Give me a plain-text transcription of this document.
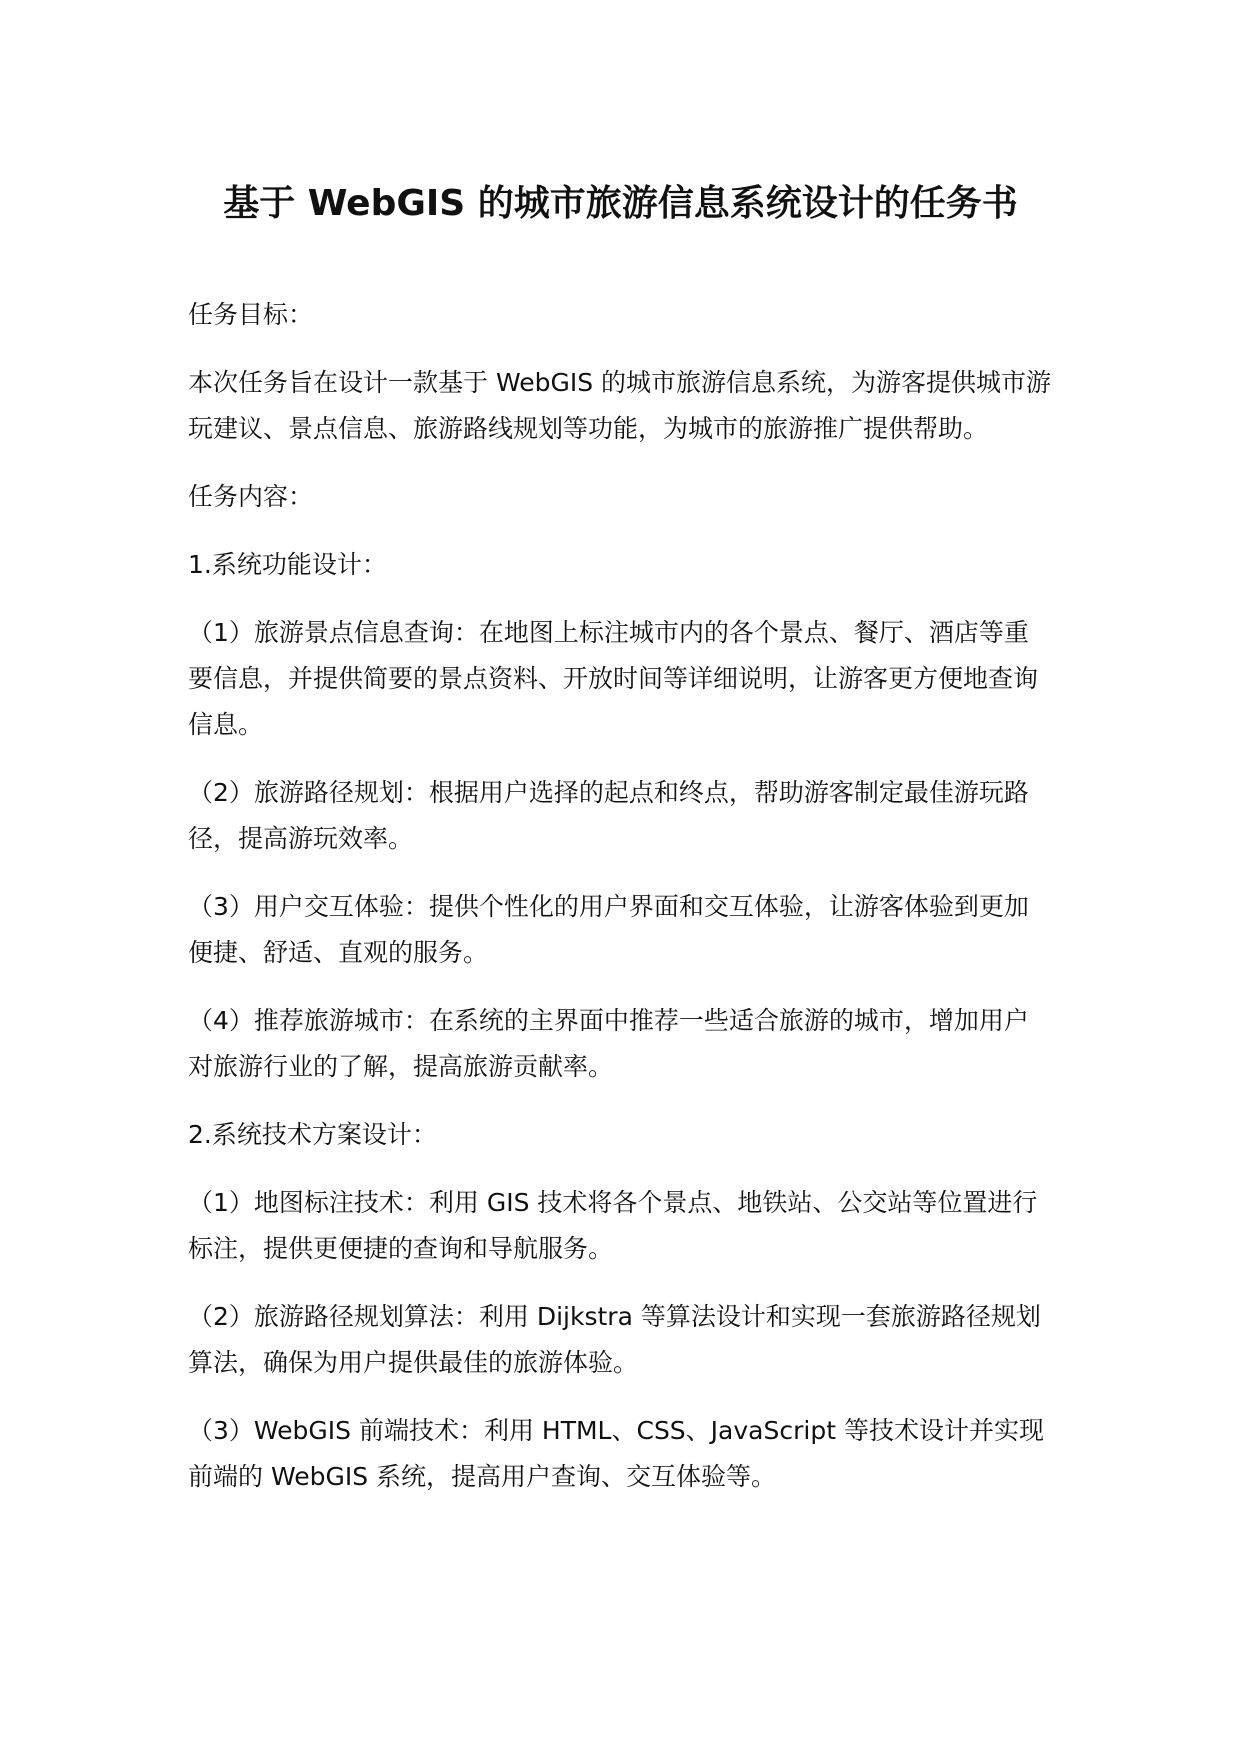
基于 WebGIS 的城市旅游信息系统设计的任务书

任务目标：

本次任务旨在设计一款基于 WebGIS 的城市旅游信息系统，为游客提供城市游玩建议、景点信息、旅游路线规划等功能，为城市的旅游推广提供帮助。

任务内容：

1.系统功能设计：

（1）旅游景点信息查询：在地图上标注城市内的各个景点、餐厅、酒店等重要信息，并提供简要的景点资料、开放时间等详细说明，让游客更方便地查询信息。

（2）旅游路径规划：根据用户选择的起点和终点，帮助游客制定最佳游玩路径，提高游玩效率。

（3）用户交互体验：提供个性化的用户界面和交互体验，让游客体验到更加便捷、舒适、直观的服务。

（4）推荐旅游城市：在系统的主界面中推荐一些适合旅游的城市，增加用户对旅游行业的了解，提高旅游贡献率。

2.系统技术方案设计：

（1）地图标注技术：利用 GIS 技术将各个景点、地铁站、公交站等位置进行标注，提供更便捷的查询和导航服务。

（2）旅游路径规划算法：利用 Dijkstra 等算法设计和实现一套旅游路径规划算法，确保为用户提供最佳的旅游体验。

（3）WebGIS 前端技术：利用 HTML、CSS、JavaScript 等技术设计并实现前端的 WebGIS 系统，提高用户查询、交互体验等。
